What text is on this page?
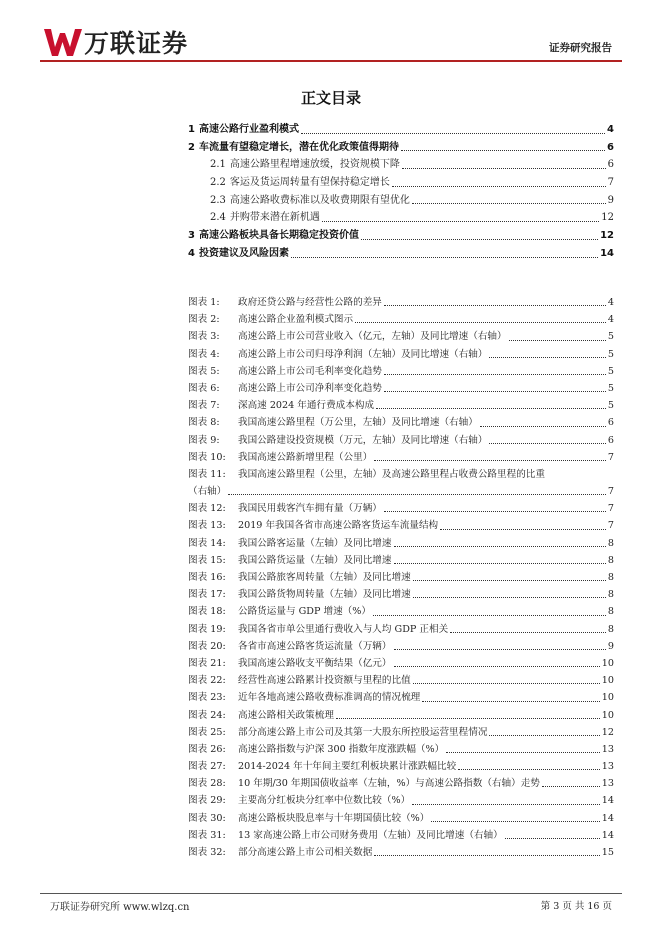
万联证券	证券研究报告
正文目录
1 高速公路行业盈利模式	4
2 车流量有望稳定增长，潜在优化政策值得期待	6
2.1 高速公路里程增速放缓，投资规模下降	6
2.2 客运及货运周转量有望保持稳定增长	7
2.3 高速公路收费标准以及收费期限有望优化	9
2.4 并购带来潜在新机遇	12
3 高速公路板块具备长期稳定投资价值	12
4 投资建议及风险因素	14
图表 1:	政府还贷公路与经营性公路的差异	4
图表 2:	高速公路企业盈利模式图示	4
图表 3:	高速公路上市公司营业收入（亿元，左轴）及同比增速（右轴）	5
图表 4:	高速公路上市公司归母净利润（左轴）及同比增速（右轴）	5
图表 5:	高速公路上市公司毛利率变化趋势	5
图表 6:	高速公路上市公司净利率变化趋势	5
图表 7:	深高速 2024 年通行费成本构成	5
图表 8:	我国高速公路里程（万公里，左轴）及同比增速（右轴）	6
图表 9:	我国公路建设投资规模（万元，左轴）及同比增速（右轴）	6
图表 10:	我国高速公路新增里程（公里）	7
图表 11:	我国高速公路里程（公里，左轴）及高速公路里程占收费公路里程的比重
（右轴）	7
图表 12:	我国民用载客汽车拥有量（万辆）	7
图表 13:	2019 年我国各省市高速公路客货运车流量结构	7
图表 14:	我国公路客运量（左轴）及同比增速	8
图表 15:	我国公路货运量（左轴）及同比增速	8
图表 16:	我国公路旅客周转量（左轴）及同比增速	8
图表 17:	我国公路货物周转量（左轴）及同比增速	8
图表 18:	公路货运量与 GDP 增速（%）	8
图表 19:	我国各省市单公里通行费收入与人均 GDP 正相关	8
图表 20:	各省市高速公路客货运流量（万辆）	9
图表 21:	我国高速公路收支平衡结果（亿元）	10
图表 22:	经营性高速公路累计投资额与里程的比值	10
图表 23:	近年各地高速公路收费标准调高的情况梳理	10
图表 24:	高速公路相关政策梳理	10
图表 25:	部分高速公路上市公司及其第一大股东所控股运营里程情况	12
图表 26:	高速公路指数与沪深 300 指数年度涨跌幅（%）	13
图表 27:	2014-2024 年十年间主要红利板块累计涨跌幅比较	13
图表 28:	10 年期/30 年期国债收益率（左轴，%）与高速公路指数（右轴）走势	13
图表 29:	主要高分红板块分红率中位数比较（%）	14
图表 30:	高速公路板块股息率与十年期国债比较（%）	14
图表 31:	13 家高速公路上市公司财务费用（左轴）及同比增速（右轴）	14
图表 32:	部分高速公路上市公司相关数据	15
万联证券研究所 www.wlzq.cn	第 3 页 共 16 页
